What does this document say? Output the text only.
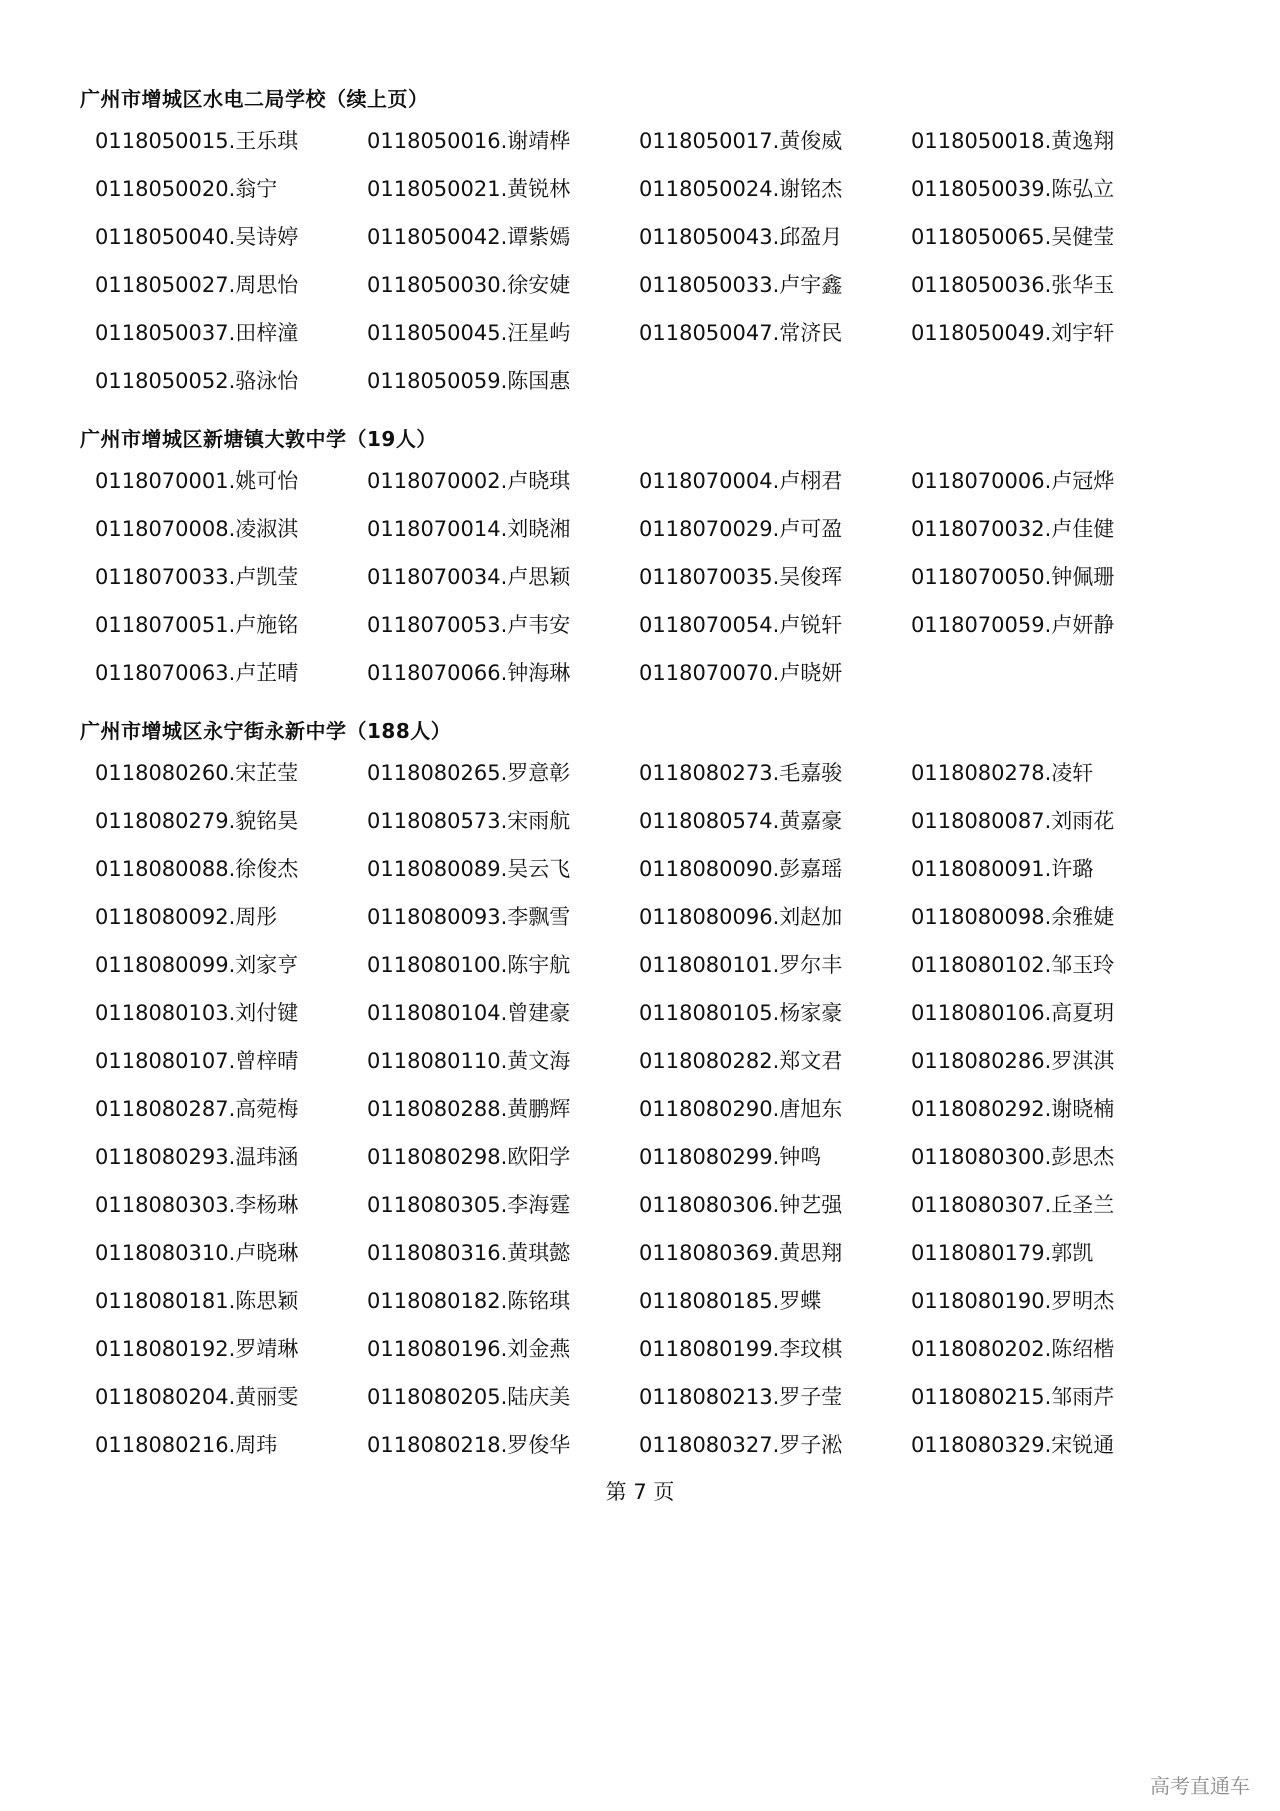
广州市增城区水电二局学校（续上页）
0118050015.王乐琪	0118050016.谢靖桦	0118050017.黄俊威	0118050018.黄逸翔
0118050020.翁宁	0118050021.黄锐林	0118050024.谢铭杰	0118050039.陈弘立
0118050040.吴诗婷	0118050042.谭紫嫣	0118050043.邱盈月	0118050065.吴健莹
0118050027.周思怡	0118050030.徐安婕	0118050033.卢宇鑫	0118050036.张华玉
0118050037.田梓潼	0118050045.汪星屿	0118050047.常济民	0118050049.刘宇轩
0118050052.骆泳怡	0118050059.陈国惠
广州市增城区新塘镇大敦中学（19人）
0118070001.姚可怡	0118070002.卢晓琪	0118070004.卢栩君	0118070006.卢冠烨
0118070008.凌淑淇	0118070014.刘晓湘	0118070029.卢可盈	0118070032.卢佳健
0118070033.卢凯莹	0118070034.卢思颖	0118070035.吴俊珲	0118070050.钟佩珊
0118070051.卢施铭	0118070053.卢韦安	0118070054.卢锐轩	0118070059.卢妍静
0118070063.卢芷晴	0118070066.钟海琳	0118070070.卢晓妍
广州市增城区永宁街永新中学（188人）
0118080260.宋芷莹	0118080265.罗意彰	0118080273.毛嘉骏	0118080278.凌轩
0118080279.貌铭昊	0118080573.宋雨航	0118080574.黄嘉豪	0118080087.刘雨花
0118080088.徐俊杰	0118080089.吴云飞	0118080090.彭嘉瑶	0118080091.许璐
0118080092.周彤	0118080093.李飘雪	0118080096.刘赵加	0118080098.余雅婕
0118080099.刘家亨	0118080100.陈宇航	0118080101.罗尔丰	0118080102.邹玉玲
0118080103.刘付键	0118080104.曾建豪	0118080105.杨家豪	0118080106.高夏玥
0118080107.曾梓晴	0118080110.黄文海	0118080282.郑文君	0118080286.罗淇淇
0118080287.高菀梅	0118080288.黄鹏辉	0118080290.唐旭东	0118080292.谢晓楠
0118080293.温玮涵	0118080298.欧阳学	0118080299.钟鸣	0118080300.彭思杰
0118080303.李杨琳	0118080305.李海霆	0118080306.钟艺强	0118080307.丘圣兰
0118080310.卢晓琳	0118080316.黄琪懿	0118080369.黄思翔	0118080179.郭凯
0118080181.陈思颖	0118080182.陈铭琪	0118080185.罗蝶	0118080190.罗明杰
0118080192.罗靖琳	0118080196.刘金燕	0118080199.李玟棋	0118080202.陈绍楷
0118080204.黄丽雯	0118080205.陆庆美	0118080213.罗子莹	0118080215.邹雨芹
0118080216.周玮	0118080218.罗俊华	0118080327.罗子淞	0118080329.宋锐通
第 7 页
高考直通车
